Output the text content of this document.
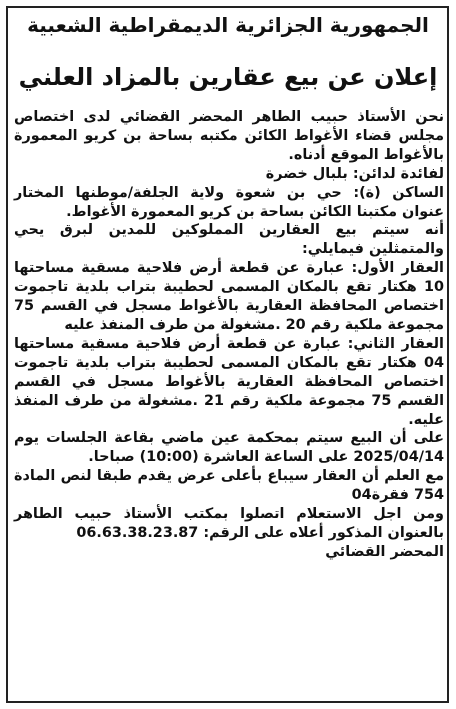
الجمهورية الجزائرية الديمقراطية الشعبية
إعلان عن بيع عقارين بالمزاد العلني

نحن الأستاذ حبيب الطاهر المحضر القضائي لدى اختصاص مجلس قضاء الأغواط الكائن مكتبه بساحة بن كريو المعمورة بالأغواط الموقع أدناه.

لفائدة لدائن: بلبال خضرة

الساكن (ة): حي بن شعوة ولاية الجلفة/موطنها المختار عنوان مكتبنا الكائن بساحة بن كريو المعمورة الأغواط.

أنه سيتم بيع العقارين المملوكين للمدين لبرق يحي والمتمثلين فيمايلي:

العقار الأول: عبارة عن قطعة أرض فلاحية مسقية مساحتها 10 هكتار تقع بالمكان المسمى لحطيبة بتراب بلدية تاجموت اختصاص المحافظة العقارية بالأغواط مسجل في القسم 75 مجموعة ملكية رقم 20 .مشغولة من طرف المنفذ عليه

العقار الثاني: عبارة عن قطعة أرض فلاحية مسقية مساحتها 04 هكتار تقع بالمكان المسمى لحطيبة بتراب بلدية تاجموت اختصاص المحافظة العقارية بالأغواط مسجل في القسم القسم 75 مجموعة ملكية رقم 21 .مشغولة من طرف المنفذ عليه.

على أن البيع سيتم بمحكمة عين ماضي بقاعة الجلسات يوم 2025/04/14 على الساعة العاشرة (10:00) صباحا.

مع العلم أن العقار سيباع بأعلى عرض يقدم طبقا لنص المادة 754 فقرة04

ومن اجل الاستعلام اتصلوا بمكتب الأستاذ حبيب الطاهر بالعنوان المذكور أعلاه على الرقم: 06.63.38.23.87

المحضر القضائي
